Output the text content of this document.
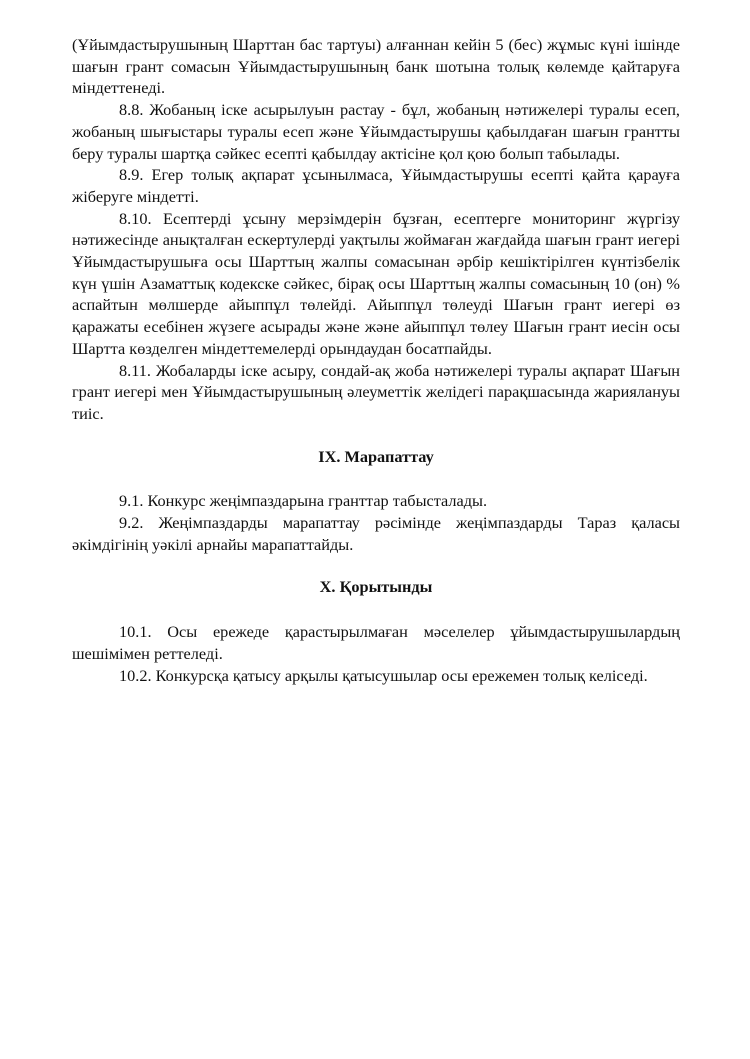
(Ұйымдастырушының Шарттан бас тартуы) алғаннан кейін 5 (бес) жұмыс күні ішінде шағын грант сомасын Ұйымдастырушының банк шотына толық көлемде қайтаруға міндеттенеді.

8.8. Жобаның іске асырылуын растау - бұл, жобаның нәтижелері туралы есеп, жобаның шығыстары туралы есеп және Ұйымдастырушы қабылдаған шағын грантты беру туралы шартқа сәйкес есепті қабылдау актісіне қол қою болып табылады.

8.9. Егер толық ақпарат ұсынылмаса, Ұйымдастырушы есепті қайта қарауға жіберуге міндетті.

8.10. Есептерді ұсыну мерзімдерін бұзған, есептерге мониторинг жүргізу нәтижесінде анықталған ескертулерді уақтылы жоймаған жағдайда шағын грант иегері Ұйымдастырушыға осы Шарттың жалпы сомасынан әрбір кешіктірілген күнтізбелік күн үшін Азаматтық кодекске сәйкес, бірақ осы Шарттың жалпы сомасының 10 (он) % аспайтын мөлшерде айыппұл төлейді. Айыппұл төлеуді Шағын грант иегері өз қаражаты есебінен жүзеге асырады және және айыппұл төлеу Шағын грант иесін осы Шартта көзделген міндеттемелерді орындаудан босатпайды.

8.11. Жобаларды іске асыру, сондай-ақ жоба нәтижелері туралы ақпарат Шағын грант иегері мен Ұйымдастырушының әлеуметтік желідегі парақшасында жариялануы тиіс.

IX. Марапаттау

9.1. Конкурс жеңімпаздарына гранттар табысталады.

9.2. Жеңімпаздарды марапаттау рәсімінде жеңімпаздарды Тараз қаласы әкімдігінің уәкілі арнайы марапаттайды.

X. Қорытынды

10.1. Осы ережеде қарастырылмаған мәселелер ұйымдастырушылардың шешімімен реттеледі.

10.2. Конкурсқа қатысу арқылы қатысушылар осы ережемен толық келіседі.
